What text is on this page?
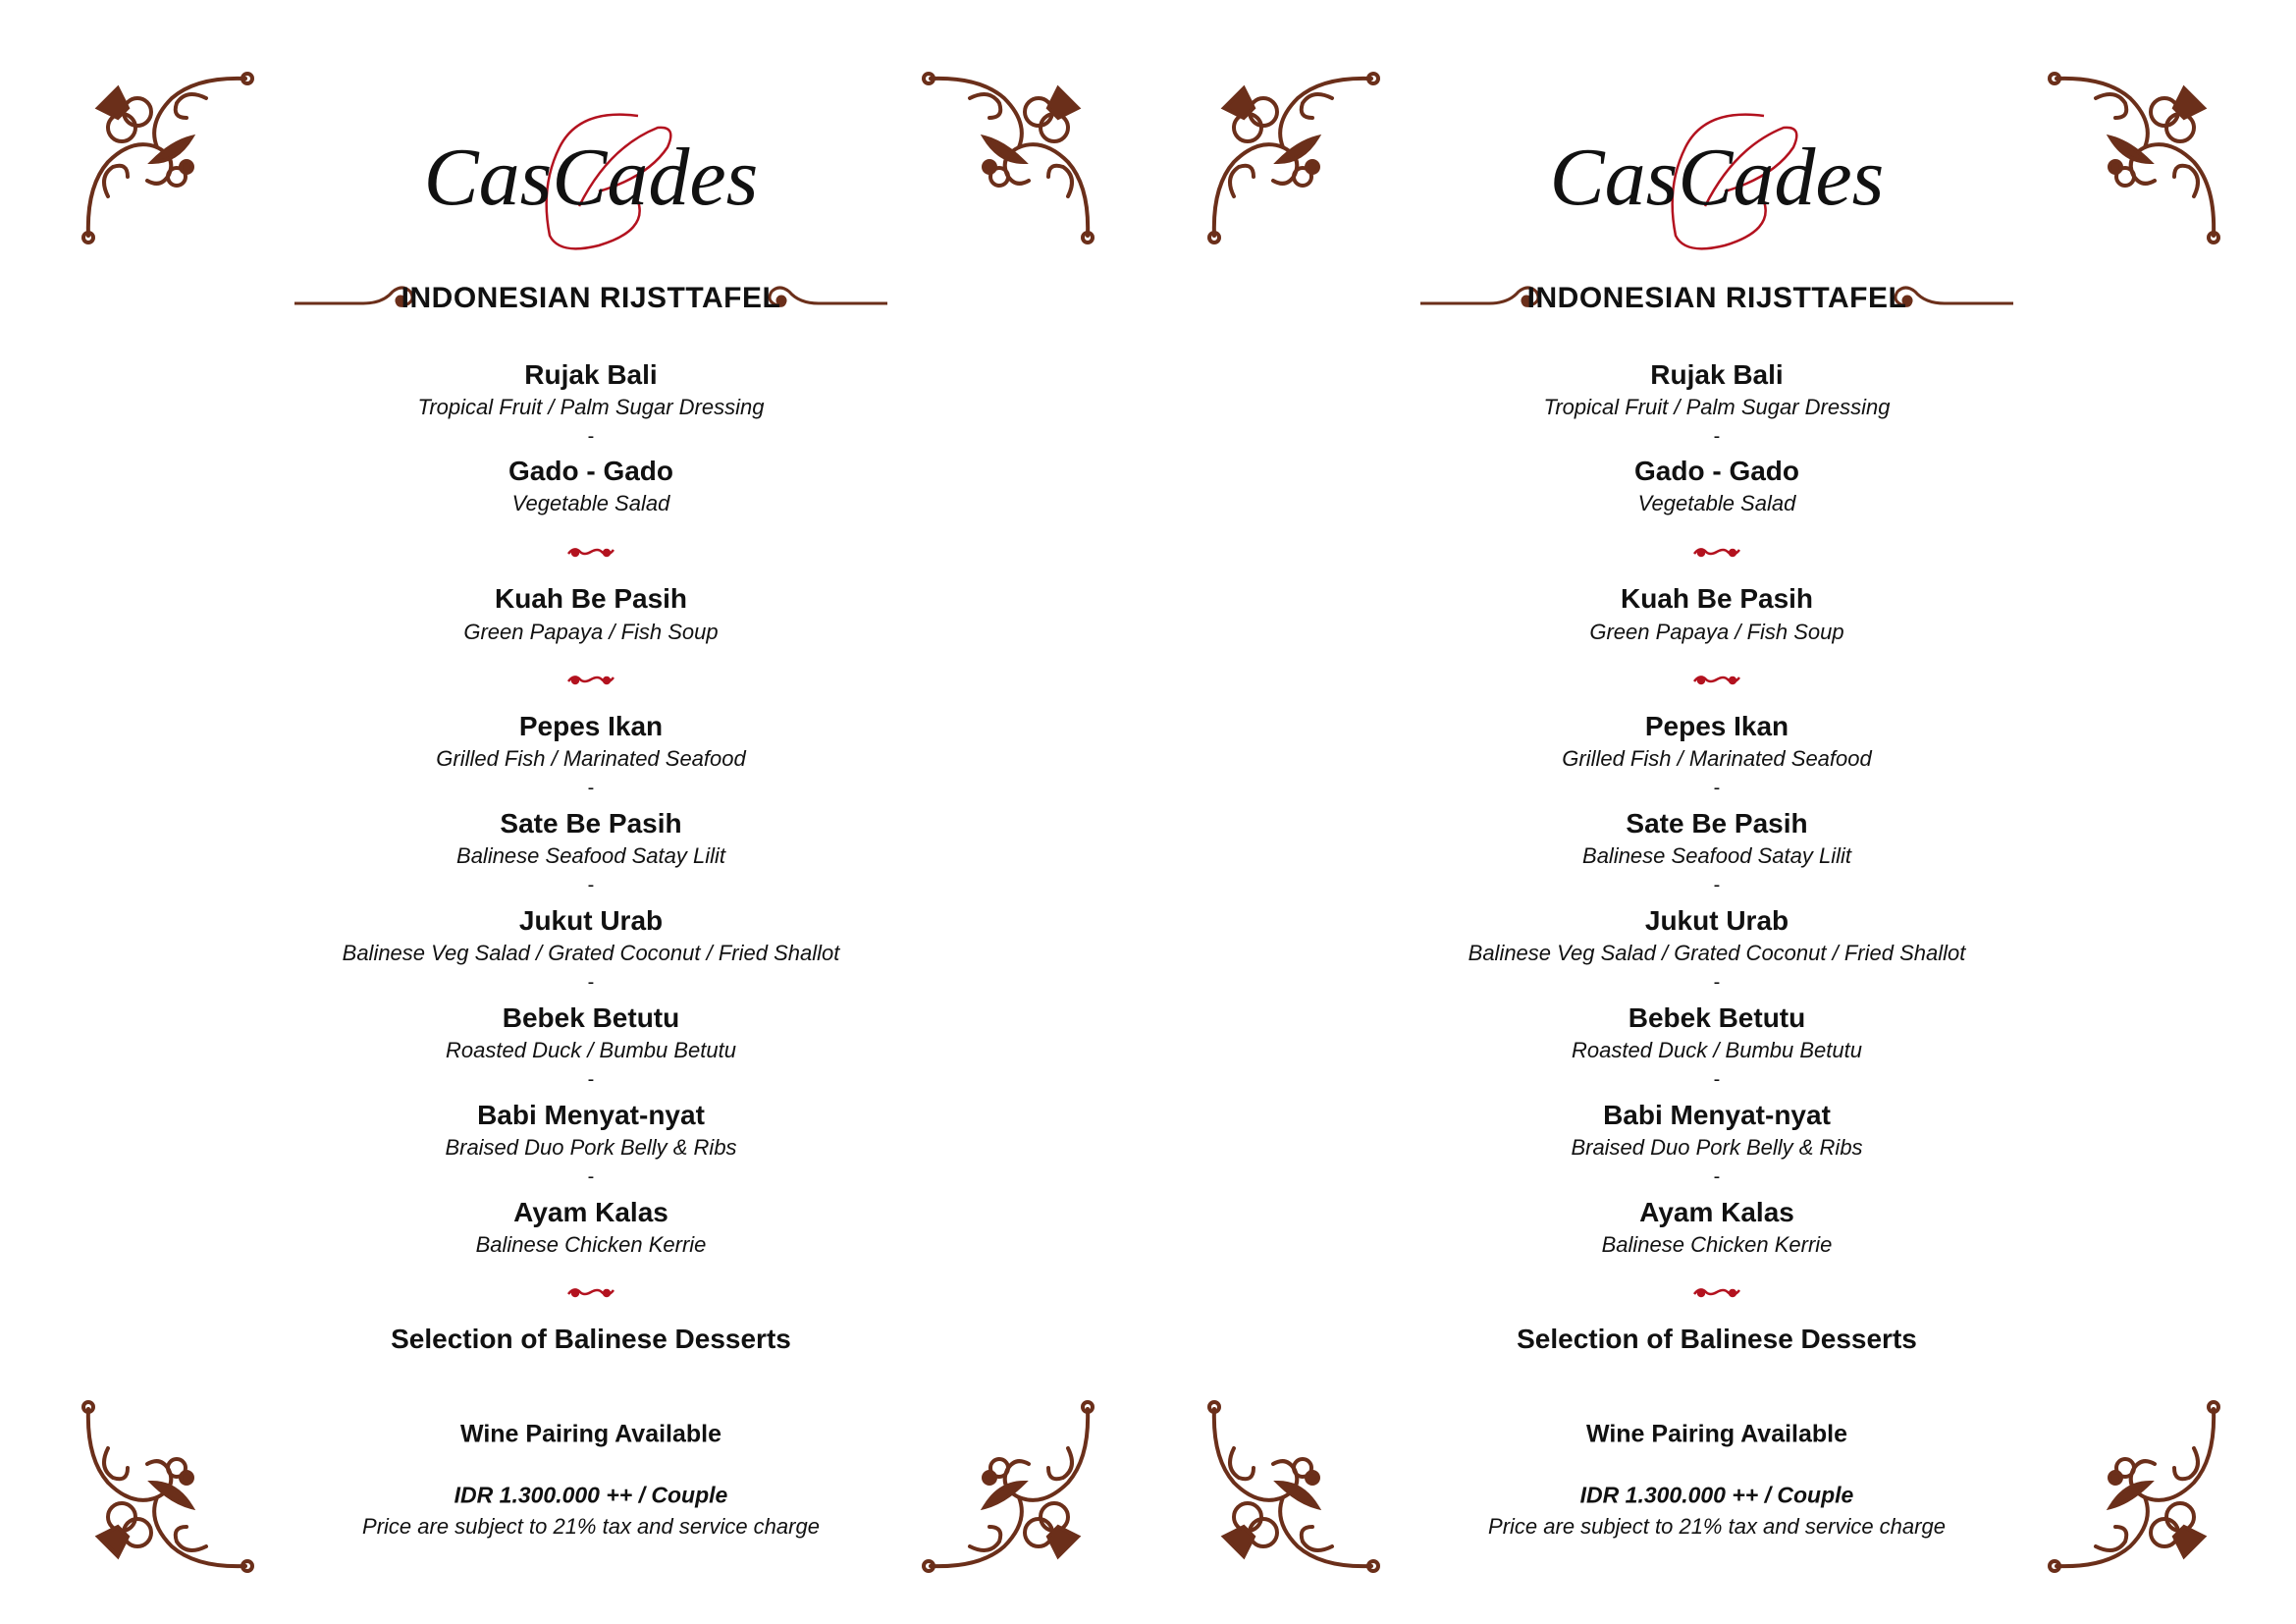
CasCades
INDONESIAN RIJSTTAFEL
Rujak Bali
Tropical Fruit / Palm Sugar Dressing
-
Gado - Gado
Vegetable Salad
Kuah Be Pasih
Green Papaya / Fish Soup
Pepes Ikan
Grilled Fish / Marinated Seafood
-
Sate Be Pasih
Balinese Seafood Satay Lilit
-
Jukut Urab
Balinese Veg Salad / Grated Coconut / Fried Shallot
-
Bebek Betutu
Roasted Duck / Bumbu Betutu
-
Babi Menyat-nyat
Braised Duo Pork Belly & Ribs
-
Ayam Kalas
Balinese Chicken Kerrie
Selection of Balinese Desserts
Wine Pairing Available
IDR 1.300.000 ++ / Couple
Price are subject to 21% tax and service charge
CasCades
INDONESIAN RIJSTTAFEL
Rujak Bali
Tropical Fruit / Palm Sugar Dressing
-
Gado - Gado
Vegetable Salad
Kuah Be Pasih
Green Papaya / Fish Soup
Pepes Ikan
Grilled Fish / Marinated Seafood
-
Sate Be Pasih
Balinese Seafood Satay Lilit
-
Jukut Urab
Balinese Veg Salad / Grated Coconut / Fried Shallot
-
Bebek Betutu
Roasted Duck / Bumbu Betutu
-
Babi Menyat-nyat
Braised Duo Pork Belly & Ribs
-
Ayam Kalas
Balinese Chicken Kerrie
Selection of Balinese Desserts
Wine Pairing Available
IDR 1.300.000 ++ / Couple
Price are subject to 21% tax and service charge
